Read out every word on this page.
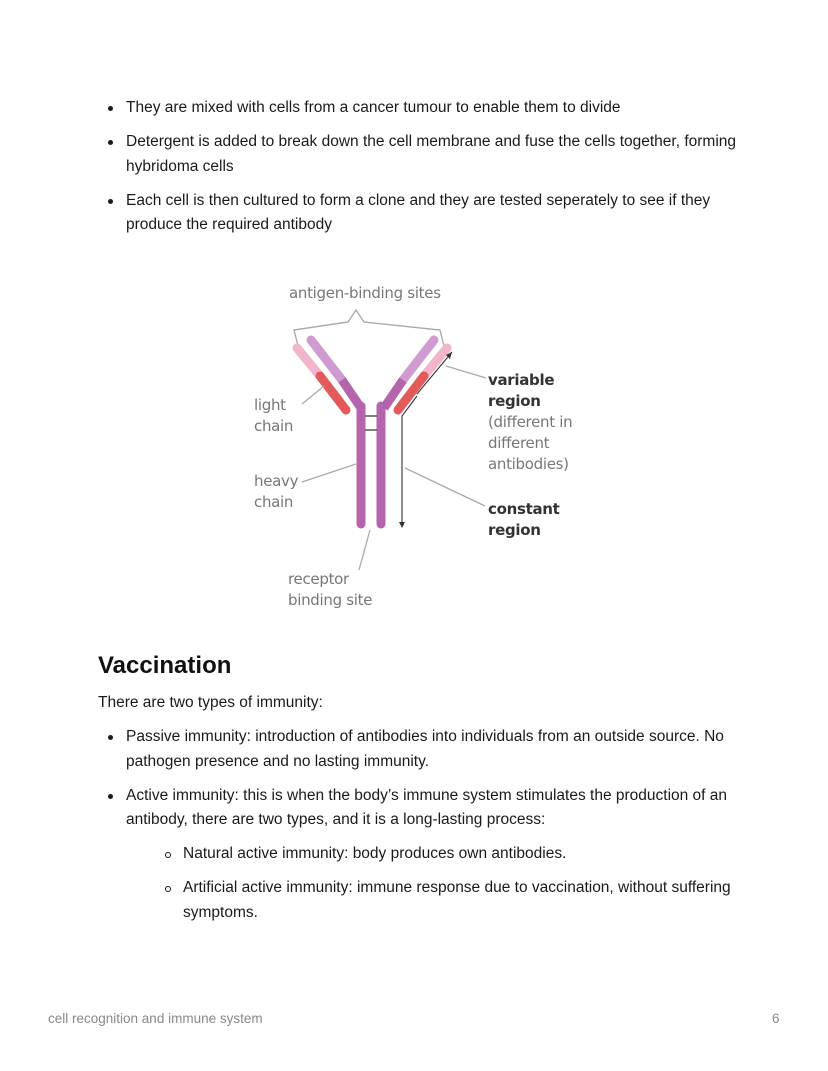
They are mixed with cells from a cancer tumour to enable them to divide
Detergent is added to break down the cell membrane and fuse the cells together, forming hybridoma cells
Each cell is then cultured to form a clone and they are tested seperately to see if they produce the required antibody
antigen-binding sites
light
chain
heavy
chain
variable
region
(different in
different
antibodies)
constant
region
receptor
binding site
Vaccination

There are two types of immunity:

Passive immunity: introduction of antibodies into individuals from an outside source. No pathogen presence and no lasting immunity.
Active immunity: this is when the body’s immune system stimulates the production of an antibody, there are two types, and it is a long-lasting process:
Natural active immunity: body produces own antibodies.
Artificial active immunity: immune response due to vaccination, without suffering symptoms.
cell recognition and immune system	6
